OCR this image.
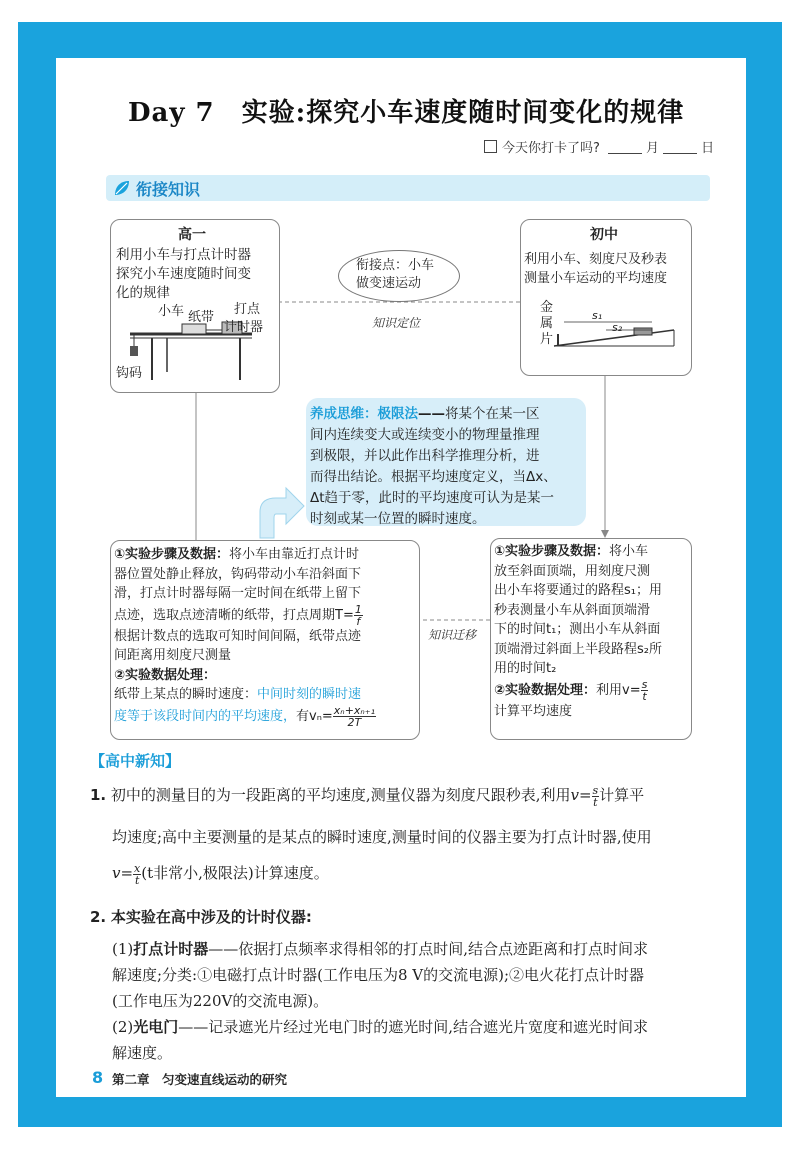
Day 7　实验:探究小车速度随时间变化的规律
今天你打卡了吗?	月	日
衔接知识
高一
利用小车与打点计时器
探究小车速度随时间变
化的规律
小车 纸带
打点
计时器
钩码
衔接点：小车
做变速运动
知识定位
初中
利用小车、刻度尺及秒表
测量小车运动的平均速度
金
属
片
s₁
s₂
养成思维：极限法——将某个在某一区
间内连续变大或连续变小的物理量推理
到极限，并以此作出科学推理分析，进
而得出结论。根据平均速度定义，当Δx、
Δt趋于零，此时的平均速度可认为是某一
时刻或某一位置的瞬时速度。
①实验步骤及数据：将小车由靠近打点计时
器位置处静止释放，钩码带动小车沿斜面下
滑，打点计时器每隔一定时间在纸带上留下
点迹，选取点迹清晰的纸带，打点周期$T= \frac{1}{f}$
根据计数点的选取可知时间间隔，纸带点迹
间距离用刻度尺测量
②实验数据处理：
纸带上某点的瞬时速度：中间时刻的瞬时速
度等于该段时间内的平均速度，有$v_n= \frac{\text{xₙ+xₙ₊₁}}{2T}$
知识迁移
①实验步骤及数据：将小车
放至斜面顶端，用刻度尺测
出小车将要通过的路程s₁；用
秒表测量小车从斜面顶端滑
下的时间t₁；测出小车从斜面
顶端滑过斜面上半段路程s₂所
用的时间t₂
②实验数据处理：利用$v= \frac{s}{t}$
计算平均速度
【高中新知】
1. 初中的测量目的为一段距离的平均速度,测量仪器为刻度尺跟秒表,利用$v= \frac{s}{t}$ 计算平
均速度;高中主要测量的是某点的瞬时速度,测量时间的仪器主要为打点计时器,使用
$v= \frac{x}{t} (t$非常小,极限法)计算速度。
2. 本实验在高中涉及的计时仪器:
(1)打点计时器——依据打点频率求得相邻的打点时间,结合点迹距离和打点时间求
解速度;分类:①电磁打点计时器(工作电压为8 V的交流电源);②电火花打点计时器
(工作电压为220V的交流电源)。
(2)光电门——记录遮光片经过光电门时的遮光时间,结合遮光片宽度和遮光时间求
解速度。
8 第二章　匀变速直线运动的研究
